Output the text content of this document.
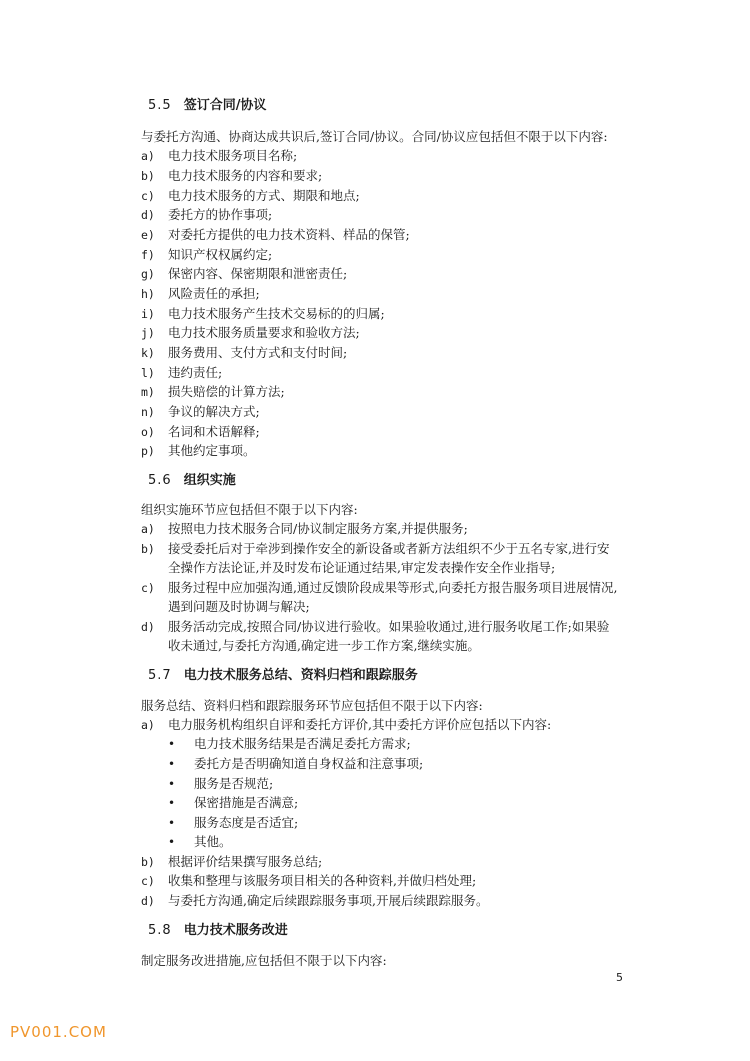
5.5 签订合同/协议
与委托方沟通、协商达成共识后,签订合同/协议。合同/协议应包括但不限于以下内容:
a) 电力技术服务项目名称;
b) 电力技术服务的内容和要求;
c) 电力技术服务的方式、期限和地点;
d) 委托方的协作事项;
e) 对委托方提供的电力技术资料、样品的保管;
f) 知识产权权属约定;
g) 保密内容、保密期限和泄密责任;
h) 风险责任的承担;
i) 电力技术服务产生技术交易标的的归属;
j) 电力技术服务质量要求和验收方法;
k) 服务费用、支付方式和支付时间;
l) 违约责任;
m) 损失赔偿的计算方法;
n) 争议的解决方式;
o) 名词和术语解释;
p) 其他约定事项。
5.6 组织实施
组织实施环节应包括但不限于以下内容:
a) 按照电力技术服务合同/协议制定服务方案,并提供服务;
b) 接受委托后对于牵涉到操作安全的新设备或者新方法组织不少于五名专家,进行安
全操作方法论证,并及时发布论证通过结果,审定发表操作安全作业指导;
c) 服务过程中应加强沟通,通过反馈阶段成果等形式,向委托方报告服务项目进展情况,
遇到问题及时协调与解决;
d) 服务活动完成,按照合同/协议进行验收。如果验收通过,进行服务收尾工作;如果验
收未通过,与委托方沟通,确定进一步工作方案,继续实施。
5.7 电力技术服务总结、资料归档和跟踪服务
服务总结、资料归档和跟踪服务环节应包括但不限于以下内容:
a) 电力服务机构组织自评和委托方评价,其中委托方评价应包括以下内容:
• 电力技术服务结果是否满足委托方需求;
• 委托方是否明确知道自身权益和注意事项;
• 服务是否规范;
• 保密措施是否满意;
• 服务态度是否适宜;
• 其他。
b) 根据评价结果撰写服务总结;
c) 收集和整理与该服务项目相关的各种资料,并做归档处理;
d) 与委托方沟通,确定后续跟踪服务事项,开展后续跟踪服务。
5.8 电力技术服务改进
制定服务改进措施,应包括但不限于以下内容:
5
PV001.COM
